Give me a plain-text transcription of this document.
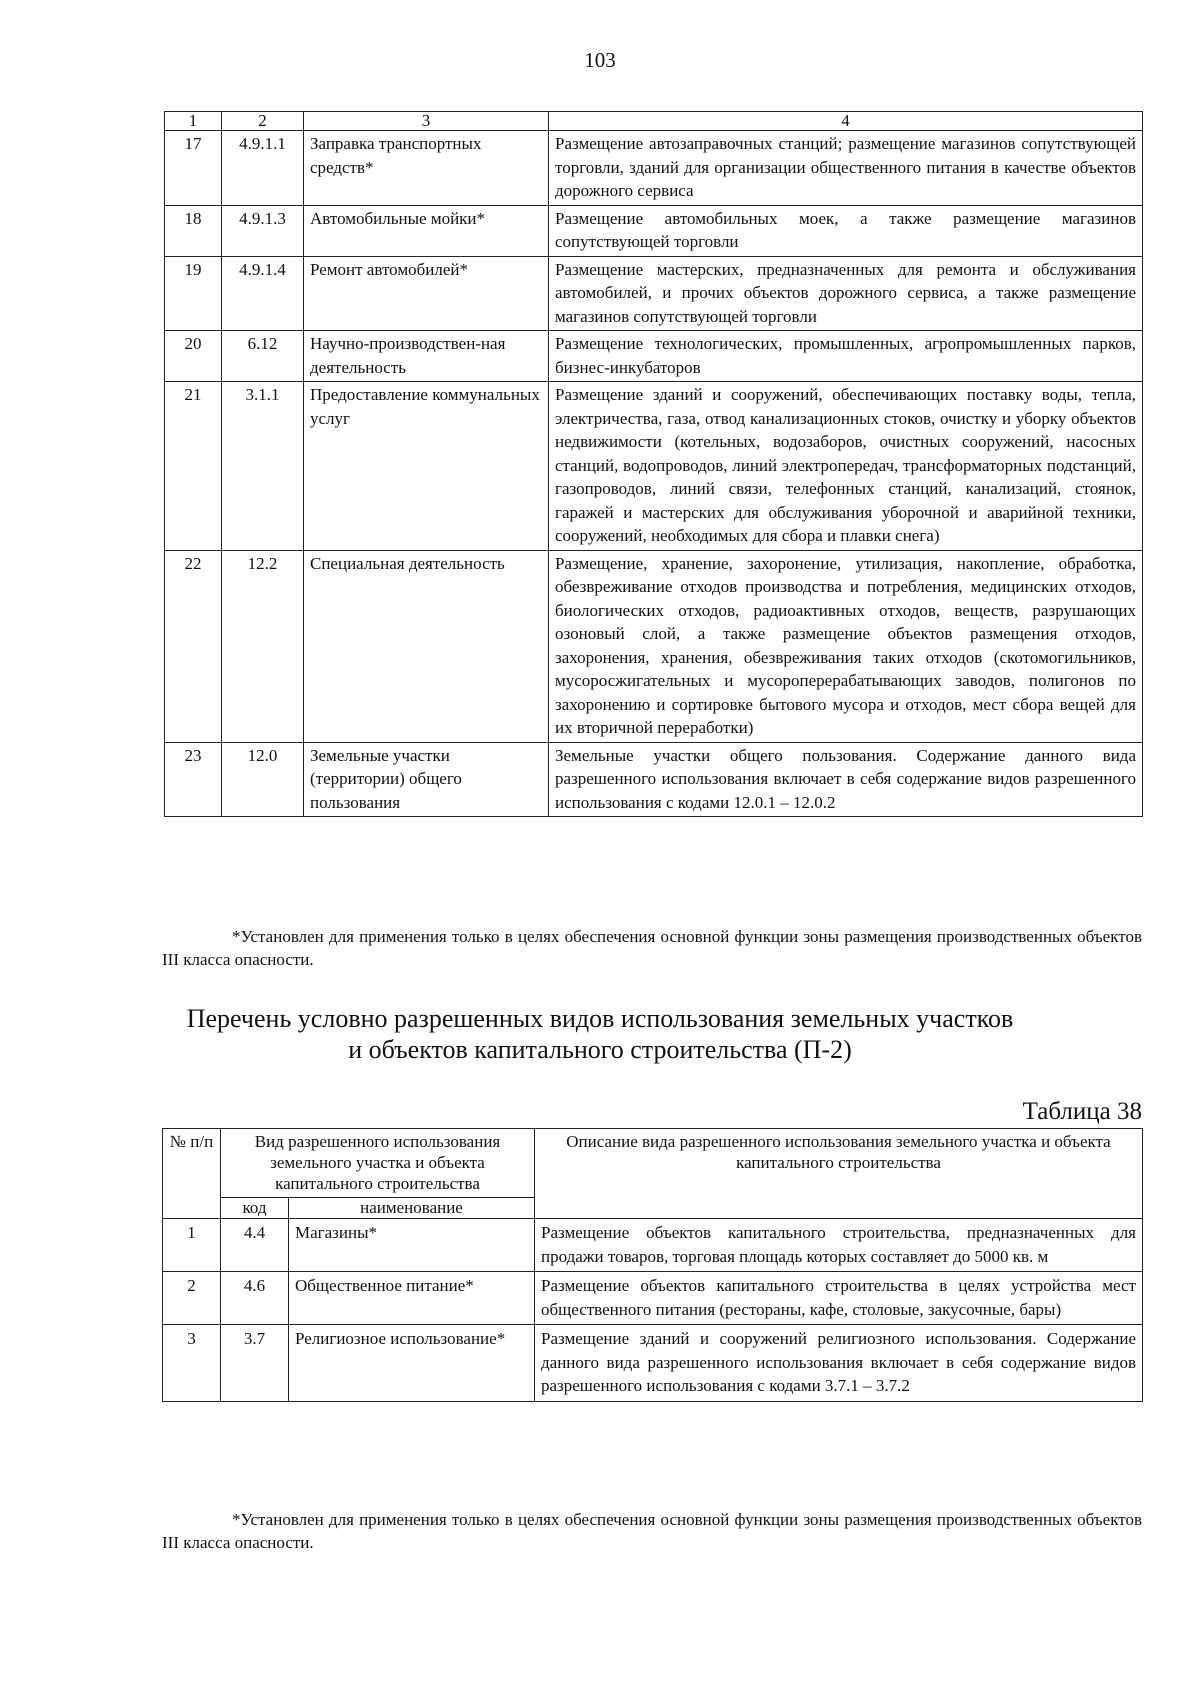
103
1	2	3	4
17	4.9.1.1	Заправка транспортных средств*	Размещение автозаправочных станций; размещение магазинов сопутствующей торговли, зданий для организации общественного питания в качестве объектов дорожного сервиса
18	4.9.1.3	Автомобильные мойки*	Размещение автомобильных моек, а также размещение магазинов сопутствующей торговли
19	4.9.1.4	Ремонт автомобилей*	Размещение мастерских, предназначенных для ремонта и обслуживания автомобилей, и прочих объектов дорожного сервиса, а также размещение магазинов сопутствующей торговли
20	6.12	Научно-производствен-ная деятельность	Размещение технологических, промышленных, агропромышленных парков, бизнес-инкубаторов
21	3.1.1	Предоставление коммунальных услуг	Размещение зданий и сооружений, обеспечивающих поставку воды, тепла, электричества, газа, отвод канализационных стоков, очистку и уборку объектов недвижимости (котельных, водозаборов, очистных сооружений, насосных станций, водопроводов, линий электропередач, трансформаторных подстанций, газопроводов, линий связи, телефонных станций, канализаций, стоянок, гаражей и мастерских для обслуживания уборочной и аварийной техники, сооружений, необходимых для сбора и плавки снега)
22	12.2	Специальная деятельность	Размещение, хранение, захоронение, утилизация, накопление, обработка, обезвреживание отходов производства и потребления, медицинских отходов, биологических отходов, радиоактивных отходов, веществ, разрушающих озоновый слой, а также размещение объектов размещения отходов, захоронения, хранения, обезвреживания таких отходов (скотомогильников, мусоросжигательных и мусороперерабатывающих заводов, полигонов по захоронению и сортировке бытового мусора и отходов, мест сбора вещей для их вторичной переработки)
23	12.0	Земельные участки (территории) общего пользования	Земельные участки общего пользования. Содержание данного вида разрешенного использования включает в себя содержание видов разрешенного использования с кодами 12.0.1 – 12.0.2
*Установлен для применения только в целях обеспечения основной функции зоны размещения производственных объектов III класса опасности.
Перечень условно разрешенных видов использования земельных участков
и объектов капитального строительства (П-2)
Таблица 38
№ п/п	Вид разрешенного использования земельного участка и объекта капитального строительства		Описание вида разрешенного использования земельного участка и объекта капитального строительства
	код	наименование	
1	4.4	Магазины*	Размещение объектов капитального строительства, предназначенных для продажи товаров, торговая площадь которых составляет до 5000 кв. м
2	4.6	Общественное питание*	Размещение объектов капитального строительства в целях устройства мест общественного питания (рестораны, кафе, столовые, закусочные, бары)
3	3.7	Религиозное использование*	Размещение зданий и сооружений религиозного использования. Содержание данного вида разрешенного использования включает в себя содержание видов разрешенного использования с кодами 3.7.1 – 3.7.2
*Установлен для применения только в целях обеспечения основной функции зоны размещения производственных объектов III класса опасности.
